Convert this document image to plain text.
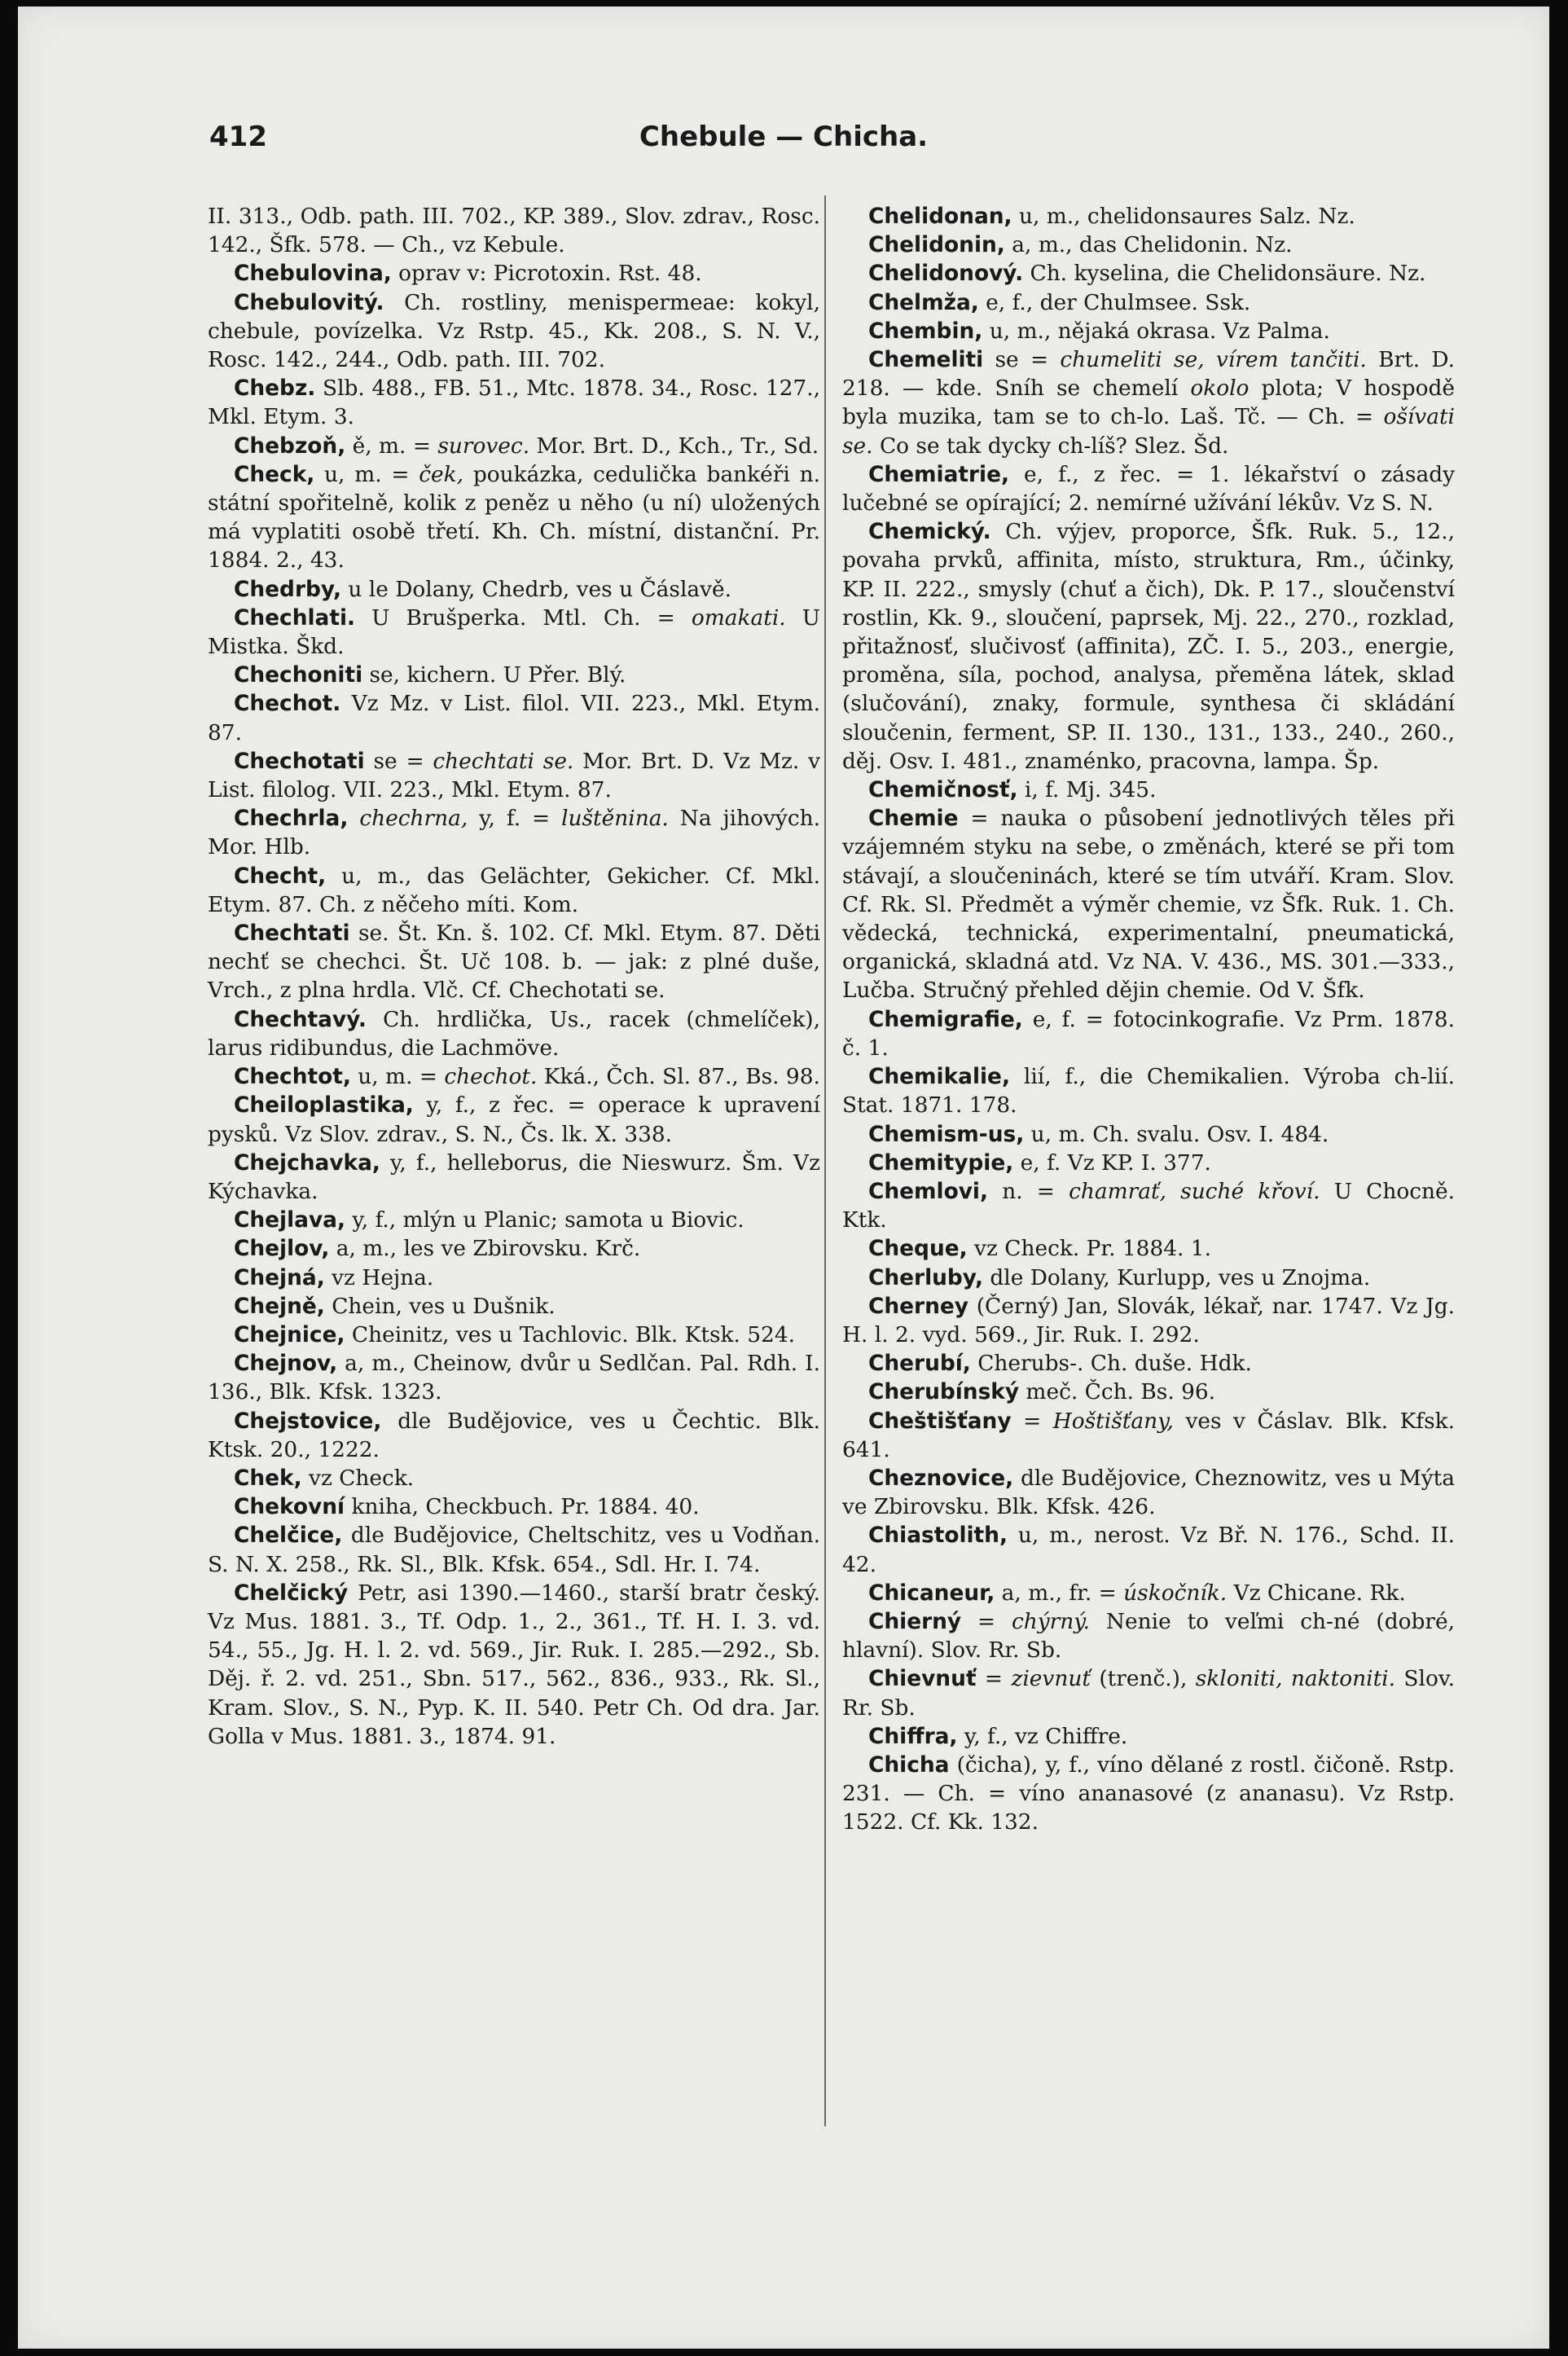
Chebule — Chicha.
412

II. 313., Odb. path. III. 702., KP. 389., Slov. zdrav., Rosc. 142., Šfk. 578. — Ch., vz Kebule.

Chebulovina, oprav v: Picrotoxin. Rst. 48.

Chebulovitý. Ch. rostliny, menispermeae: kokyl, chebule, povízelka. Vz Rstp. 45., Kk. 208., S. N. V., Rosc. 142., 244., Odb. path. III. 702.

Chebz. Slb. 488., FB. 51., Mtc. 1878. 34., Rosc. 127., Mkl. Etym. 3.

Chebzoň, ě, m. = surovec. Mor. Brt. D., Kch., Tr., Sd.

Check, u, m. = ček, poukázka, cedulička bankéři n. státní spořitelně, kolik z peněz u něho (u ní) uložených má vyplatiti osobě třetí. Kh. Ch. místní, distanční. Pr. 1884. 2., 43.

Chedrby, u le Dolany, Chedrb, ves u Čáslavě.

Chechlati. U Brušperka. Mtl. Ch. = omakati. U Mistka. Škd.

Chechoniti se, kichern. U Přer. Blý.

Chechot. Vz Mz. v List. filol. VII. 223., Mkl. Etym. 87.

Chechotati se = chechtati se. Mor. Brt. D. Vz Mz. v List. filolog. VII. 223., Mkl. Etym. 87.

Chechrla, chechrna, y, f. = luštěnina. Na jihových. Mor. Hlb.

Checht, u, m., das Gelächter, Gekicher. Cf. Mkl. Etym. 87. Ch. z něčeho míti. Kom.

Chechtati se. Št. Kn. š. 102. Cf. Mkl. Etym. 87. Děti nechť se chechci. Št. Uč 108. b. — jak: z plné duše, Vrch., z plna hrdla. Vlč. Cf. Chechotati se.

Chechtavý. Ch. hrdlička, Us., racek (chmelíček), larus ridibundus, die Lachmöve.

Chechtot, u, m. = chechot. Kká., Čch. Sl. 87., Bs. 98.

Cheiloplastika, y, f., z řec. = operace k upravení pysků. Vz Slov. zdrav., S. N., Čs. lk. X. 338.

Chejchavka, y, f., helleborus, die Nieswurz. Šm. Vz Kýchavka.

Chejlava, y, f., mlýn u Planic; samota u Biovic.

Chejlov, a, m., les ve Zbirovsku. Krč.

Chejná, vz Hejna.

Chejně, Chein, ves u Dušnik.

Chejnice, Cheinitz, ves u Tachlovic. Blk. Ktsk. 524.

Chejnov, a, m., Cheinow, dvůr u Sedlčan. Pal. Rdh. I. 136., Blk. Kfsk. 1323.

Chejstovice, dle Budějovice, ves u Čechtic. Blk. Ktsk. 20., 1222.

Chek, vz Check.

Chekovní kniha, Checkbuch. Pr. 1884. 40.

Chelčice, dle Budějovice, Cheltschitz, ves u Vodňan. S. N. X. 258., Rk. Sl., Blk. Kfsk. 654., Sdl. Hr. I. 74.

Chelčický Petr, asi 1390.—1460., starší bratr český. Vz Mus. 1881. 3., Tf. Odp. 1., 2., 361., Tf. H. I. 3. vd. 54., 55., Jg. H. l. 2. vd. 569., Jir. Ruk. I. 285.—292., Sb. Děj. ř. 2. vd. 251., Sbn. 517., 562., 836., 933., Rk. Sl., Kram. Slov., S. N., Pyp. K. II. 540. Petr Ch. Od dra. Jar. Golla v Mus. 1881. 3., 1874. 91.

Chelidonan, u, m., chelidonsaures Salz. Nz.

Chelidonin, a, m., das Chelidonin. Nz.

Chelidonový. Ch. kyselina, die Chelidonsäure. Nz.

Chelmža, e, f., der Chulmsee. Ssk.

Chembin, u, m., nějaká okrasa. Vz Palma.

Chemeliti se = chumeliti se, vírem tančiti. Brt. D. 218. — kde. Sníh se chemelí okolo plota; V hospodě byla muzika, tam se to ch-lo. Laš. Tč. — Ch. = ošívati se. Co se tak dycky ch-líš? Slez. Šd.

Chemiatrie, e, f., z řec. = 1. lékařství o zásady lučebné se opírající; 2. nemírné užívání lékův. Vz S. N.

Chemický. Ch. výjev, proporce, Šfk. Ruk. 5., 12., povaha prvků, affinita, místo, struktura, Rm., účinky, KP. II. 222., smysly (chuť a čich), Dk. P. 17., sloučenství rostlin, Kk. 9., sloučení, paprsek, Mj. 22., 270., rozklad, přitažnosť, slučivosť (affinita), ZČ. I. 5., 203., energie, proměna, síla, pochod, analysa, přeměna látek, sklad (slučování), znaky, formule, synthesa či skládání sloučenin, ferment, SP. II. 130., 131., 133., 240., 260., děj. Osv. I. 481., znaménko, pracovna, lampa. Šp.

Chemičnosť, i, f. Mj. 345.

Chemie = nauka o působení jednotlivých těles při vzájemném styku na sebe, o změnách, které se při tom stávají, a sloučeninách, které se tím utváří. Kram. Slov. Cf. Rk. Sl. Předmět a výměr chemie, vz Šfk. Ruk. 1. Ch. vědecká, technická, experimentalní, pneumatická, organická, skladná atd. Vz NA. V. 436., MS. 301.—333., Lučba. Stručný přehled dějin chemie. Od V. Šfk.

Chemigrafie, e, f. = fotocinkografie. Vz Prm. 1878. č. 1.

Chemikalie, lií, f., die Chemikalien. Výroba ch-lií. Stat. 1871. 178.

Chemism-us, u, m. Ch. svalu. Osv. I. 484.

Chemitypie, e, f. Vz KP. I. 377.

Chemlovi, n. = chamrať, suché křoví. U Chocně. Ktk.

Cheque, vz Check. Pr. 1884. 1.

Cherluby, dle Dolany, Kurlupp, ves u Znojma.

Cherney (Černý) Jan, Slovák, lékař, nar. 1747. Vz Jg. H. l. 2. vyd. 569., Jir. Ruk. I. 292.

Cherubí, Cherubs-. Ch. duše. Hdk.

Cherubínský meč. Čch. Bs. 96.

Cheštišťany = Hoštišťany, ves v Čáslav. Blk. Kfsk. 641.

Cheznovice, dle Budějovice, Cheznowitz, ves u Mýta ve Zbirovsku. Blk. Kfsk. 426.

Chiastolith, u, m., nerost. Vz Bř. N. 176., Schd. II. 42.

Chicaneur, a, m., fr. = úskočník. Vz Chicane. Rk.

Chierný = chýrný. Nenie to veľmi ch-né (dobré, hlavní). Slov. Rr. Sb.

Chievnuť = zievnuť (trenč.), skloniti, naktoniti. Slov. Rr. Sb.

Chiffra, y, f., vz Chiffre.

Chicha (čicha), y, f., víno dělané z rostl. čičoně. Rstp. 231. — Ch. = víno ananasové (z ananasu). Vz Rstp. 1522. Cf. Kk. 132.
